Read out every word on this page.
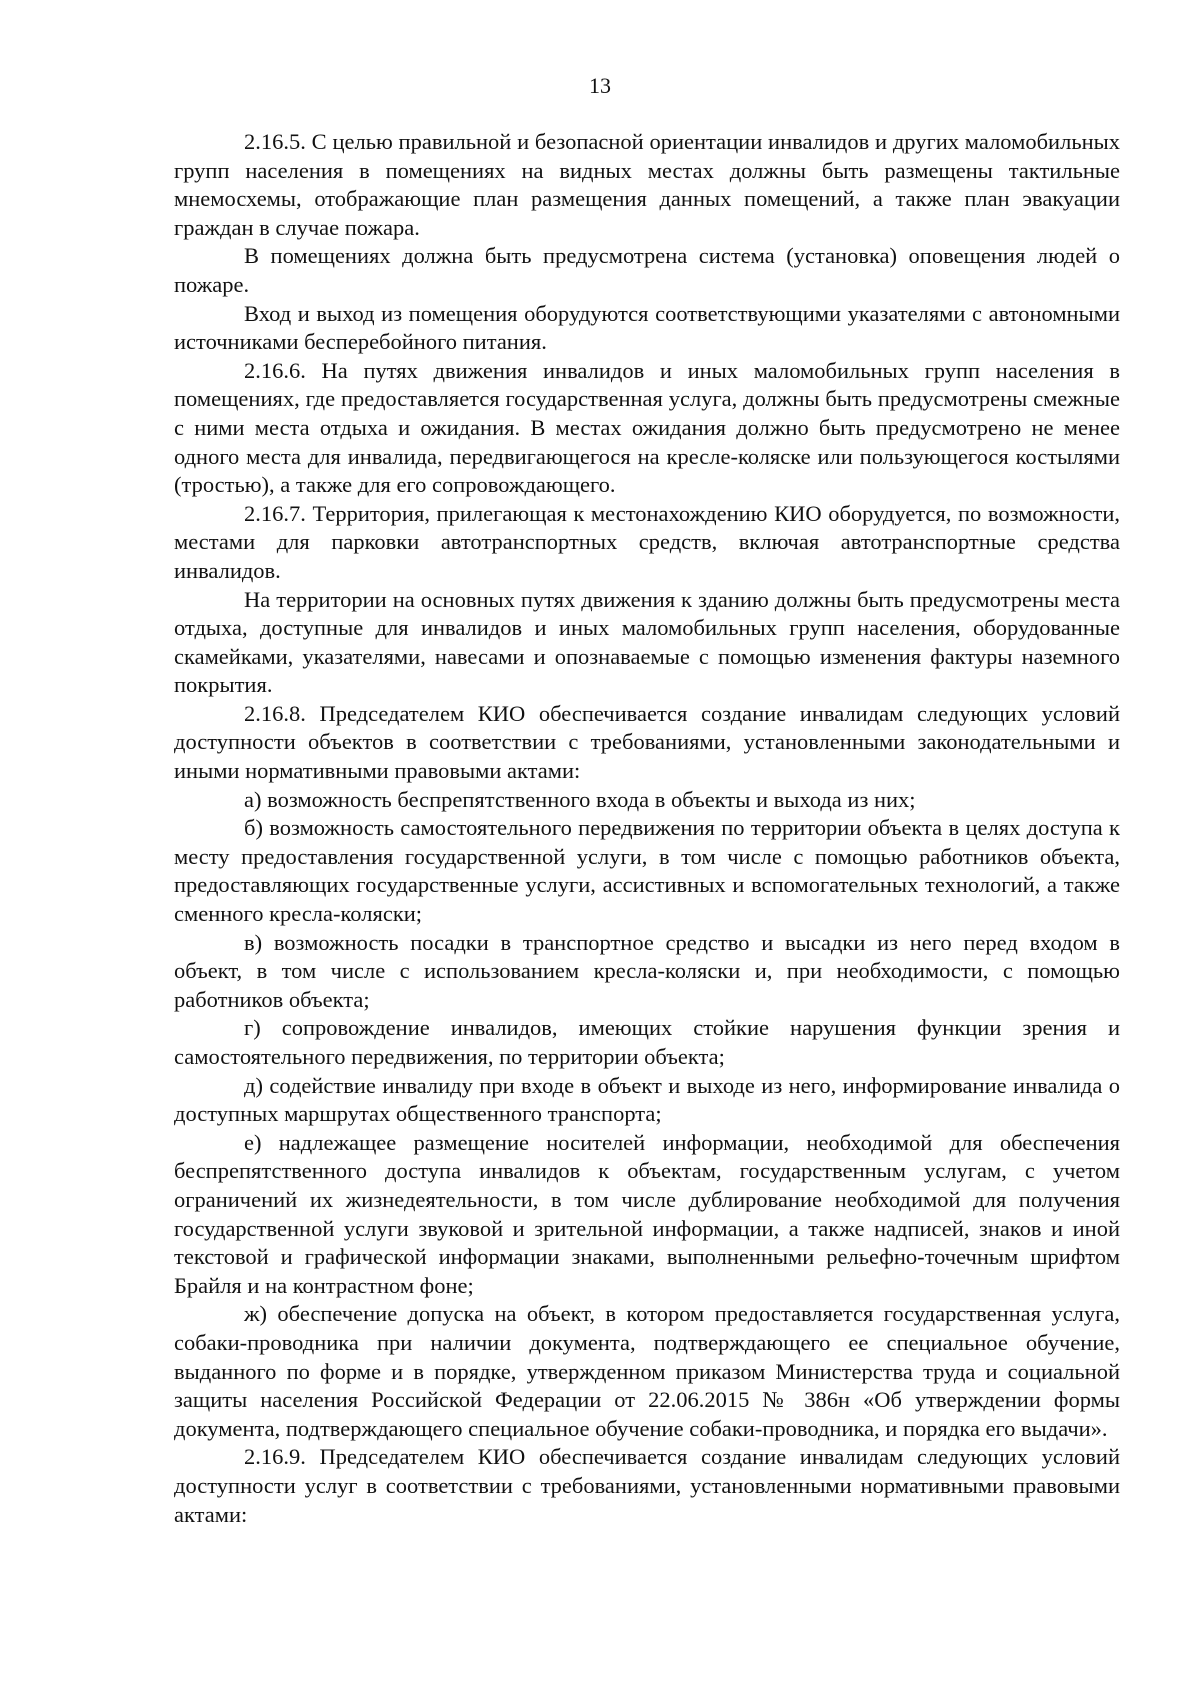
13

2.16.5. С целью правильной и безопасной ориентации инвалидов и других маломобильных групп населения в помещениях на видных местах должны быть размещены тактильные мнемосхемы, отображающие план размещения данных помещений, а также план эвакуации граждан в случае пожара.

В помещениях должна быть предусмотрена система (установка) оповещения людей о пожаре.

Вход и выход из помещения оборудуются соответствующими указателями с автономными источниками бесперебойного питания.

2.16.6. На путях движения инвалидов и иных маломобильных групп населения в помещениях, где предоставляется государственная услуга, должны быть предусмотрены смежные с ними места отдыха и ожидания. В местах ожидания должно быть предусмотрено не менее одного места для инвалида, передвигающегося на кресле-коляске или пользующегося костылями (тростью), а также для его сопровождающего.

2.16.7. Территория, прилегающая к местонахождению КИО оборудуется, по возможности, местами для парковки автотранспортных средств, включая автотранспортные средства инвалидов.

На территории на основных путях движения к зданию должны быть предусмотрены места отдыха, доступные для инвалидов и иных маломобильных групп населения, оборудованные скамейками, указателями, навесами и опознаваемые с помощью изменения фактуры наземного покрытия.

2.16.8. Председателем КИО обеспечивается создание инвалидам следующих условий доступности объектов в соответствии с требованиями, установленными законодательными и иными нормативными правовыми актами:

а) возможность беспрепятственного входа в объекты и выхода из них;

б) возможность самостоятельного передвижения по территории объекта в целях доступа к месту предоставления государственной услуги, в том числе с помощью работников объекта, предоставляющих государственные услуги, ассистивных и вспомогательных технологий, а также сменного кресла-коляски;

в) возможность посадки в транспортное средство и высадки из него перед входом в объект, в том числе с использованием кресла-коляски и, при необходимости, с помощью работников объекта;

г) сопровождение инвалидов, имеющих стойкие нарушения функции зрения и самостоятельного передвижения, по территории объекта;

д) содействие инвалиду при входе в объект и выходе из него, информирование инвалида о доступных маршрутах общественного транспорта;

е) надлежащее размещение носителей информации, необходимой для обеспечения беспрепятственного доступа инвалидов к объектам, государственным услугам, с учетом ограничений их жизнедеятельности, в том числе дублирование необходимой для получения государственной услуги звуковой и зрительной информации, а также надписей, знаков и иной текстовой и графической информации знаками, выполненными рельефно-точечным шрифтом Брайля и на контрастном фоне;

ж) обеспечение допуска на объект, в котором предоставляется государственная услуга, собаки-проводника при наличии документа, подтверждающего ее специальное обучение, выданного по форме и в порядке, утвержденном приказом Министерства труда и социальной защиты населения Российской Федерации от 22.06.2015 № 386н «Об утверждении формы документа, подтверждающего специальное обучение собаки-проводника, и порядка его выдачи».

2.16.9. Председателем КИО обеспечивается создание инвалидам следующих условий доступности услуг в соответствии с требованиями, установленными нормативными правовыми актами:
